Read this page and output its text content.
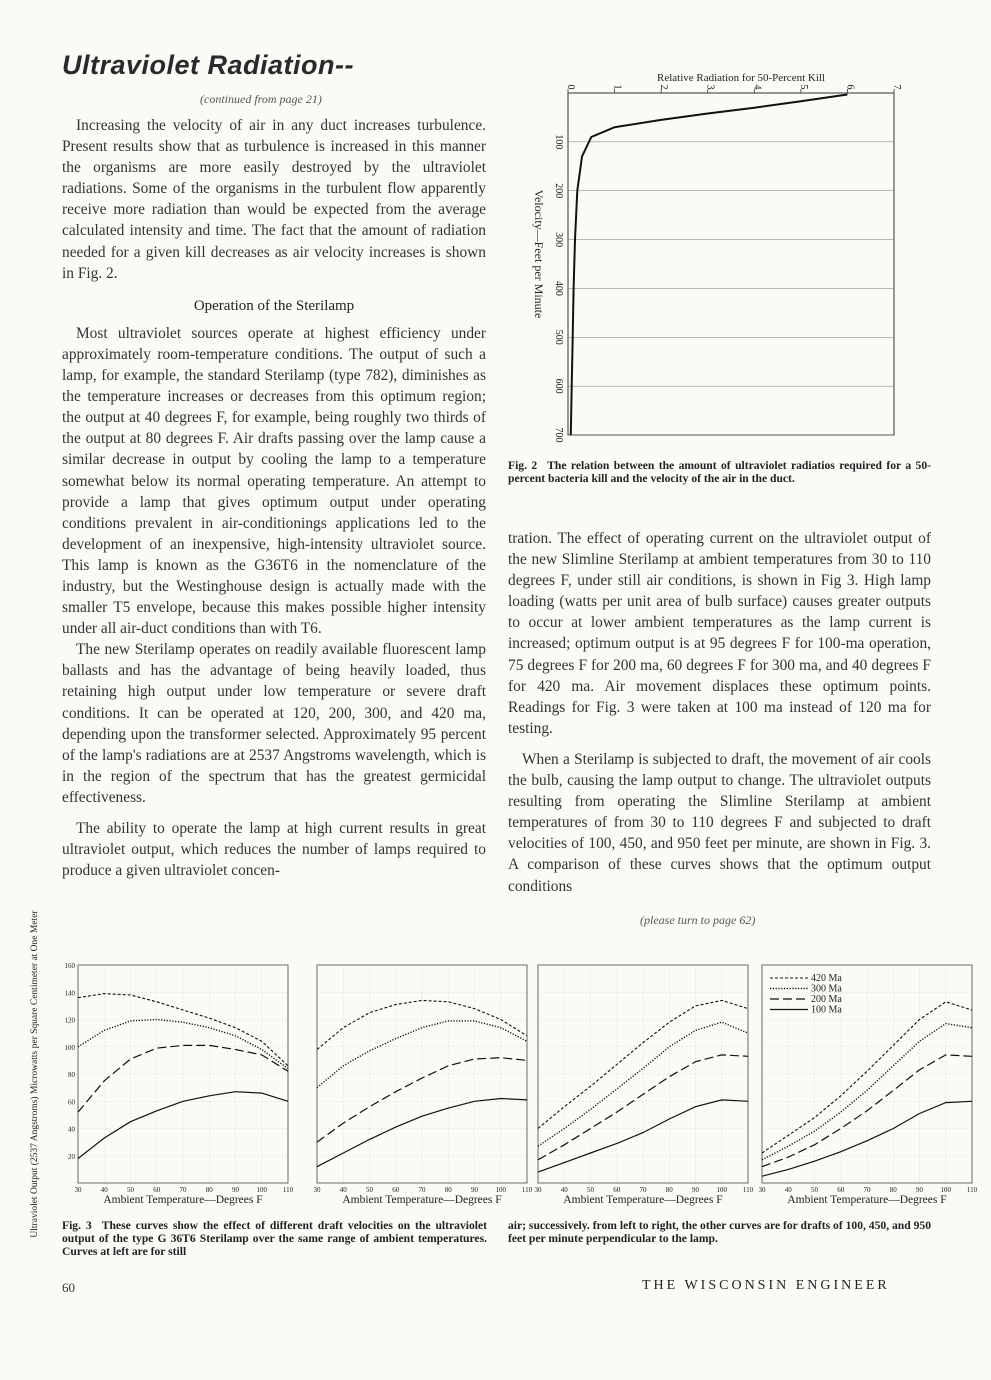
Ultraviolet Radiation--
(continued from page 21)

Increasing the velocity of air in any duct increases turbulence. Present results show that as turbulence is increased in this manner the organisms are more easily destroyed by the ultraviolet radiations. Some of the organisms in the turbulent flow apparently receive more radiation than would be expected from the average calculated intensity and time. The fact that the amount of radiation needed for a given kill decreases as air velocity increases is shown in Fig. 2.

Operation of the Sterilamp

Most ultraviolet sources operate at highest efficiency under approximately room-temperature conditions. The output of such a lamp, for example, the standard Sterilamp (type 782), diminishes as the temperature increases or decreases from this optimum region; the output at 40 degrees F, for example, being roughly two thirds of the output at 80 degrees F. Air drafts passing over the lamp cause a similar decrease in output by cooling the lamp to a temperature somewhat below its normal operating temperature. An attempt to provide a lamp that gives optimum output under operating conditions prevalent in air-conditionings applications led to the development of an inexpensive, high-intensity ultraviolet source. This lamp is known as the G36T6 in the nomenclature of the industry, but the Westinghouse design is actually made with the smaller T5 envelope, because this makes possible higher intensity under all air-duct conditions than with T6.

The new Sterilamp operates on readily available fluorescent lamp ballasts and has the advantage of being heavily loaded, thus retaining high output under low temperature or severe draft conditions. It can be operated at 120, 200, 300, and 420 ma, depending upon the transformer selected. Approximately 95 percent of the lamp's radiations are at 2537 Angstroms wavelength, which is in the region of the spectrum that has the greatest germicidal effectiveness.

The ability to operate the lamp at high current results in great ultraviolet output, which reduces the number of lamps required to produce a given ultraviolet concen-

Relative Radiation for 50-Percent Kill
100
200
300
400
500
600
700
0	1	2	3	4	5	6	7
Velocity—Feet per Minute
Fig. 2 The relation between the amount of ultraviolet radiatios required for a 50-percent bacteria kill and the velocity of the air in the duct.

tration. The effect of operating current on the ultraviolet output of the new Slimline Sterilamp at ambient temperatures from 30 to 110 degrees F, under still air conditions, is shown in Fig 3. High lamp loading (watts per unit area of bulb surface) causes greater outputs to occur at lower ambient temperatures as the lamp current is increased; optimum output is at 95 degrees F for 100-ma operation, 75 degrees F for 200 ma, 60 degrees F for 300 ma, and 40 degrees F for 420 ma. Air movement displaces these optimum points. Readings for Fig. 3 were taken at 100 ma instead of 120 ma for testing.

When a Sterilamp is subjected to draft, the movement of air cools the bulb, causing the lamp output to change. The ultraviolet outputs resulting from operating the Slimline Sterilamp at ambient temperatures of from 30 to 110 degrees F and subjected to draft velocities of 100, 450, and 950 feet per minute, are shown in Fig. 3. A comparison of these curves shows that the optimum output conditions

(please turn to page 62)
Ultraviolet Output (2537 Angstroms) Microwatts per Square Centimeter at One Meter	30	40	50	60	70	80	90	100 110
20
40
60
80
100
120
140
160
Ambient Temperature—Degrees F
30	40	50	60	70	80	90	100 110
Ambient Temperature—Degrees F
30	40	50	60	70	80	90	100 110
Ambient Temperature—Degrees F
30	40	50	60	70	80	90	100 110
Ambient Temperature—Degrees F
420 Ma
300 Ma
200 Ma
100 Ma
Fig. 3 These curves show the effect of different draft velocities on the ultraviolet output of the type G 36T6 Sterilamp over the same range of ambient temperatures. Curves at left are for still
air; successively. from left to right, the other curves are for drafts of 100, 450, and 950 feet per minute perpendicular to the lamp.
60	THE WISCONSIN ENGINEER
